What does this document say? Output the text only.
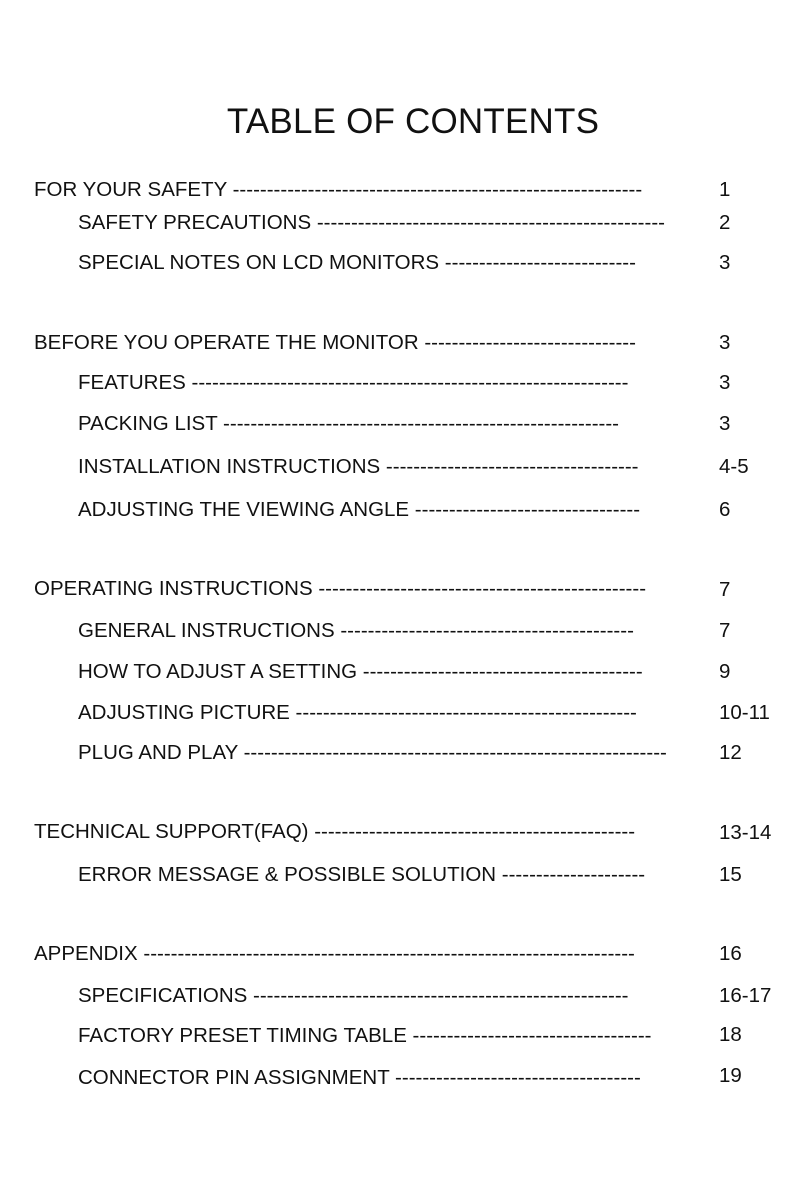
TABLE OF CONTENTS
FOR YOUR SAFETY ------------------------------------------------------------	1
SAFETY PRECAUTIONS ---------------------------------------------------	2
SPECIAL NOTES ON LCD MONITORS ----------------------------	3
BEFORE YOU OPERATE THE MONITOR -------------------------------	3
FEATURES ----------------------------------------------------------------	3
PACKING LIST ----------------------------------------------------------	3
INSTALLATION INSTRUCTIONS -------------------------------------	4-5
ADJUSTING THE VIEWING ANGLE ---------------------------------	6
OPERATING INSTRUCTIONS ------------------------------------------------	7
GENERAL INSTRUCTIONS -------------------------------------------	7
HOW TO ADJUST A SETTING -----------------------------------------	9
ADJUSTING PICTURE --------------------------------------------------	10-11
PLUG AND PLAY --------------------------------------------------------------	12
TECHNICAL SUPPORT(FAQ) -----------------------------------------------	13-14
ERROR MESSAGE & POSSIBLE SOLUTION ---------------------	15
APPENDIX ------------------------------------------------------------------------	16
SPECIFICATIONS -------------------------------------------------------	16-17
FACTORY PRESET TIMING TABLE -----------------------------------	18
CONNECTOR PIN ASSIGNMENT ------------------------------------	19
